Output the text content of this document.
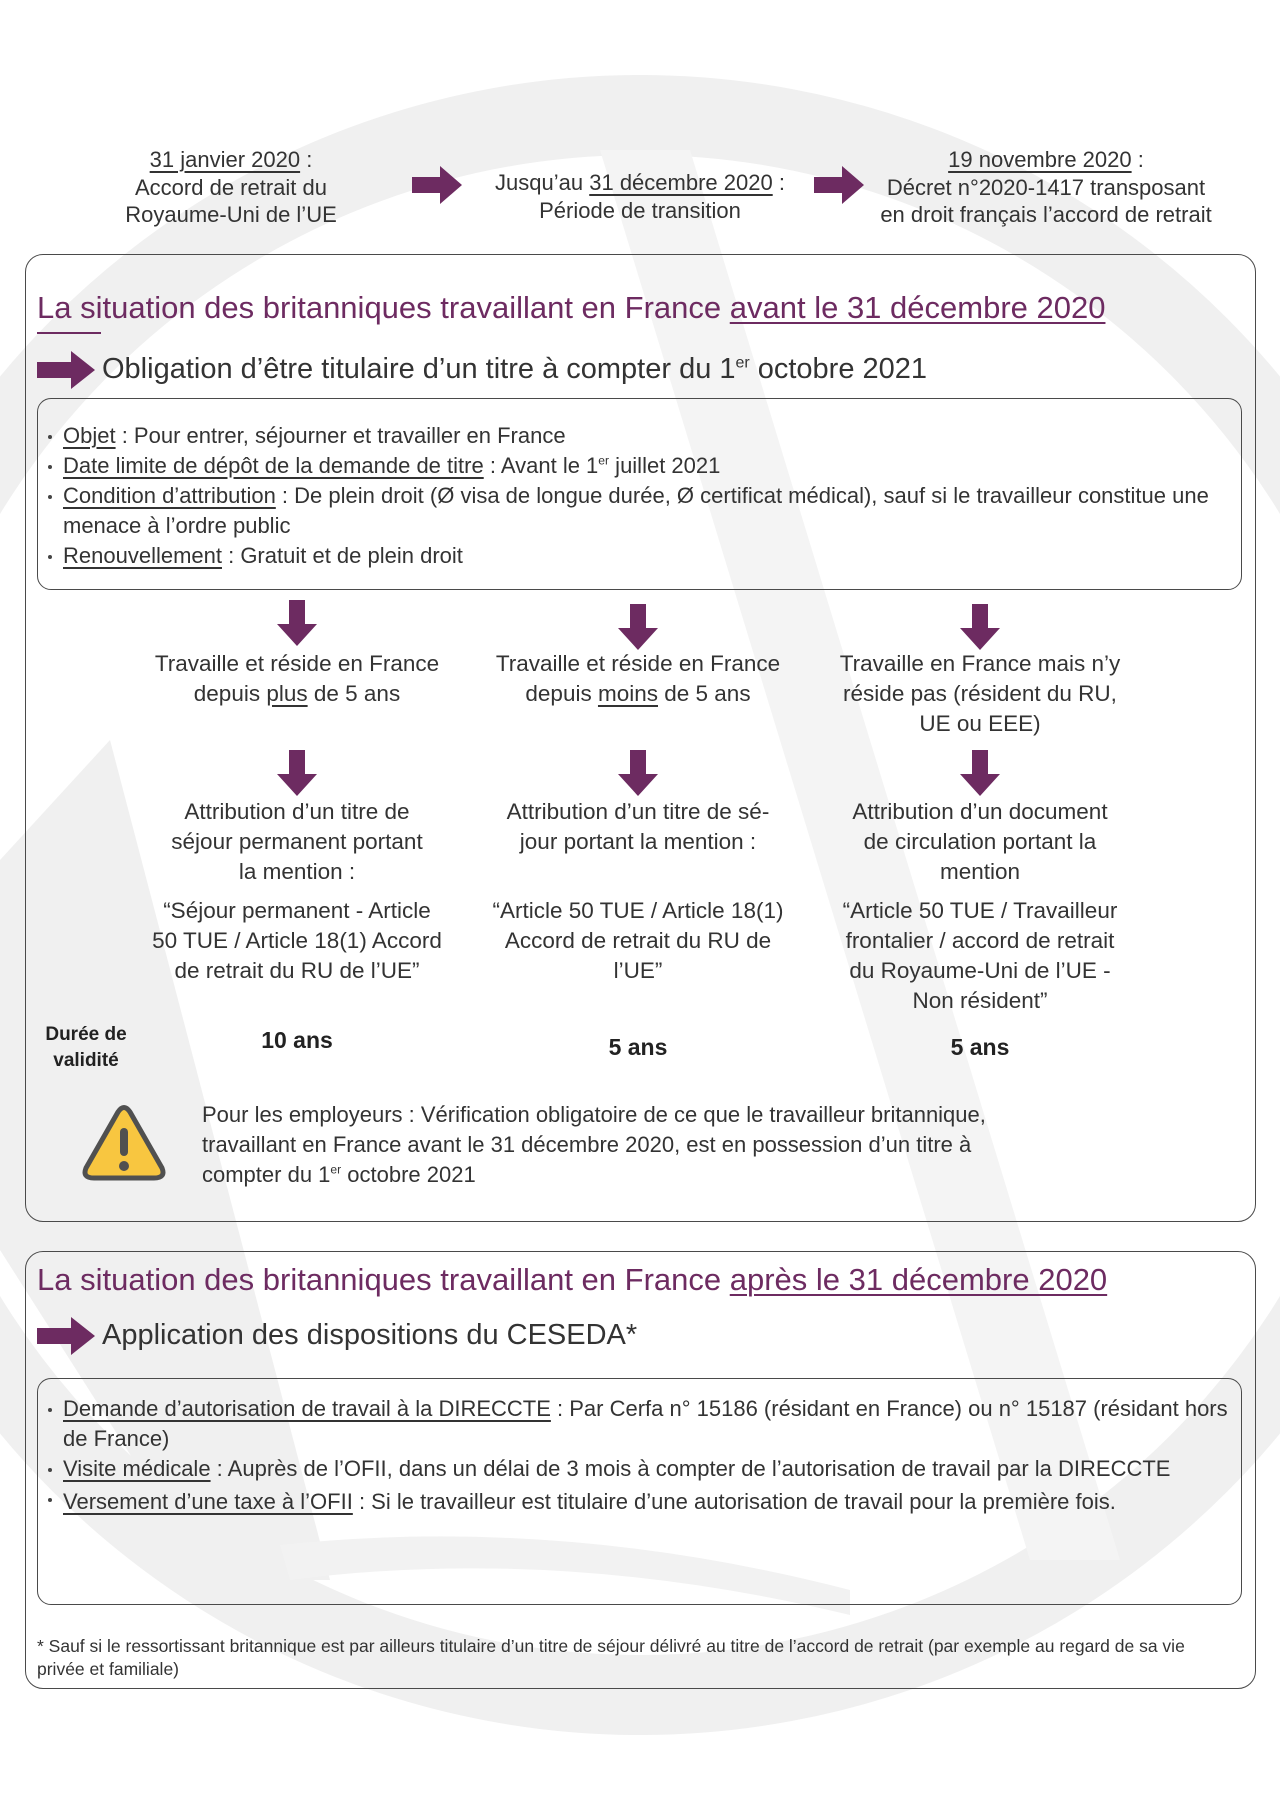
31 janvier 2020 :
Accord de retrait du
Royaume-Uni de l’UE
Jusqu’au 31 décembre 2020 :
Période de transition
19 novembre 2020 :
Décret n°2020-1417 transposant
en droit français l’accord de retrait
La situation des britanniques travaillant en France avant le 31 décembre 2020
Obligation d’être titulaire d’un titre à compter du 1er octobre 2021
Objet : Pour entrer, séjourner et travailler en France
Date limite de dépôt de la demande de titre : Avant le 1er juillet 2021
Condition d’attribution : De plein droit (Ø visa de longue durée, Ø certificat médical), sauf si le travailleur constitue une menace à l’ordre public
Renouvellement : Gratuit et de plein droit
Travaille et réside en France
depuis plus de 5 ans
Travaille et réside en France
depuis moins de 5 ans
Travaille en France mais n’y
réside pas (résident du RU,
UE ou EEE)
Attribution d’un titre de
séjour permanent portant
la mention :
Attribution d’un titre de sé-
jour portant la mention :
Attribution d’un document
de circulation portant la
mention
“Séjour permanent - Article
50 TUE / Article 18(1) Accord
de retrait du RU de l’UE”
“Article 50 TUE / Article 18(1)
Accord de retrait du RU de
l’UE”
“Article 50 TUE / Travailleur
frontalier / accord de retrait
du Royaume-Uni de l’UE -
Non résident”
Durée de
validité
10 ans	5 ans	5 ans
Pour les employeurs : Vérification obligatoire de ce que le travailleur britannique,
travaillant en France avant le 31 décembre 2020, est en possession d’un titre à
compter du 1er octobre 2021
La situation des britanniques travaillant en France après le 31 décembre 2020
Application des dispositions du CESEDA*
Demande d’autorisation de travail à la DIRECCTE : Par Cerfa n° 15186 (résidant en France) ou n° 15187 (résidant hors de France)
Visite médicale : Auprès de l’OFII, dans un délai de 3 mois à compter de l’autorisation de travail par la DIRECCTE
Versement d’une taxe à l’OFII : Si le travailleur est titulaire d’une autorisation de travail pour la première fois.
* Sauf si le ressortissant britannique est par ailleurs titulaire d’un titre de séjour délivré au titre de l’accord de retrait (par exemple au regard de sa vie privée et familiale)
